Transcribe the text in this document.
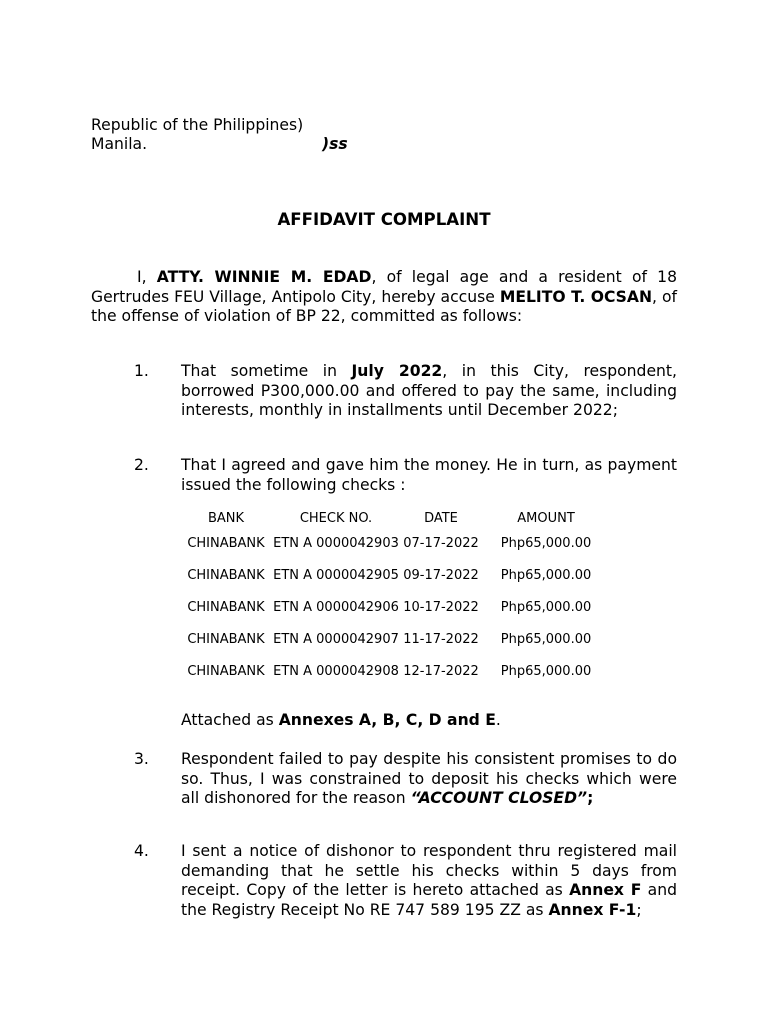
Republic of the Philippines)
Manila.	)ss
AFFIDAVIT COMPLAINT
I, ATTY. WINNIE M. EDAD, of legal age and a resident of 18 Gertrudes FEU Village, Antipolo City, hereby accuse MELITO T. OCSAN, of the offense of violation of BP 22, committed as follows:
1. That sometime in July 2022, in this City, respondent, borrowed P300,000.00 and offered to pay the same, including interests, monthly in installments until December 2022;
2. That I agreed and gave him the money. He in turn, as payment issued the following checks :
BANK	CHECK NO.	DATE	AMOUNT
CHINABANK	ETN A 0000042903	07-17-2022	Php65,000.00
CHINABANK	ETN A 0000042905	09-17-2022	Php65,000.00
CHINABANK	ETN A 0000042906	10-17-2022	Php65,000.00
CHINABANK	ETN A 0000042907	11-17-2022	Php65,000.00
CHINABANK	ETN A 0000042908	12-17-2022	Php65,000.00
Attached as Annexes A, B, C, D and E.
3. Respondent failed to pay despite his consistent promises to do so. Thus, I was constrained to deposit his checks which were all dishonored for the reason “ACCOUNT CLOSED”;
4. I sent a notice of dishonor to respondent thru registered mail demanding that he settle his checks within 5 days from receipt. Copy of the letter is hereto attached as Annex F and the Registry Receipt No RE 747 589 195 ZZ as Annex F-1;
